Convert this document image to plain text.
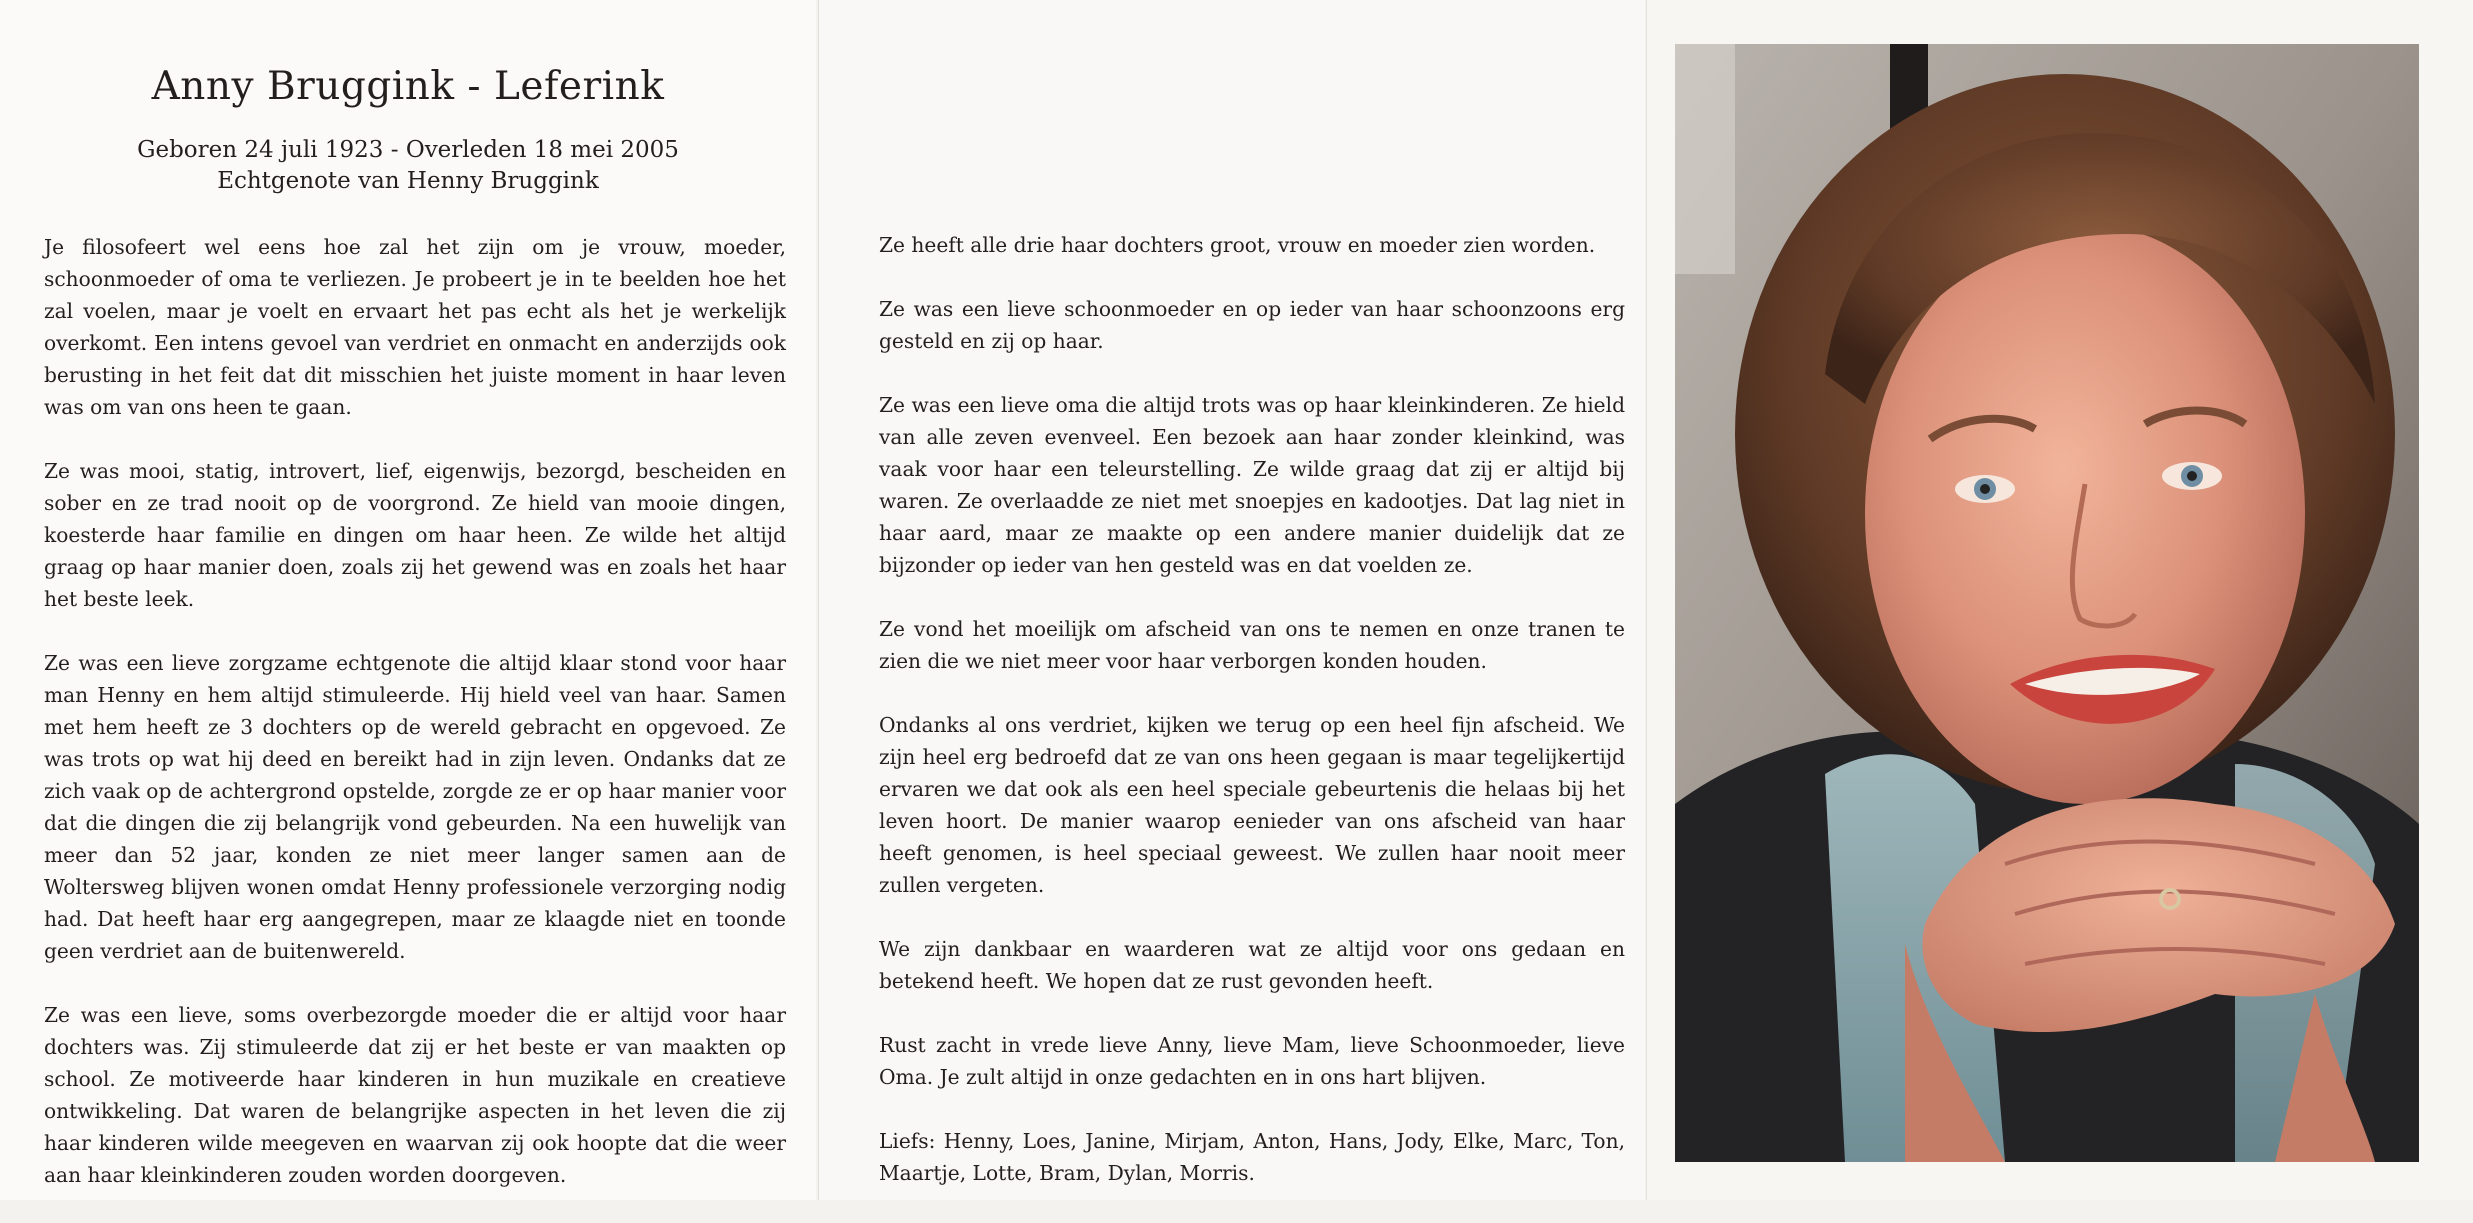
Anny Bruggink - Leferink
Geboren 24 juli 1923 - Overleden 18 mei 2005
Echtgenote van Henny Bruggink

Je filosofeert wel eens hoe zal het zijn om je vrouw, moeder, schoonmoeder of oma te verliezen. Je probeert je in te beelden hoe het zal voelen, maar je voelt en ervaart het pas echt als het je werkelijk overkomt. Een intens gevoel van verdriet en onmacht en anderzijds ook berusting in het feit dat dit misschien het juiste moment in haar leven was om van ons heen te gaan.

Ze was mooi, statig, introvert, lief, eigenwijs, bezorgd, bescheiden en sober en ze trad nooit op de voorgrond. Ze hield van mooie dingen, koesterde haar familie en dingen om haar heen. Ze wilde het altijd graag op haar manier doen, zoals zij het gewend was en zoals het haar het beste leek.

Ze was een lieve zorgzame echtgenote die altijd klaar stond voor haar man Henny en hem altijd stimuleerde. Hij hield veel van haar. Samen met hem heeft ze 3 dochters op de wereld gebracht en opgevoed. Ze was trots op wat hij deed en bereikt had in zijn leven. Ondanks dat ze zich vaak op de achtergrond opstelde, zorgde ze er op haar manier voor dat die dingen die zij belangrijk vond gebeurden. Na een huwelijk van meer dan 52 jaar, konden ze niet meer langer samen aan de Woltersweg blijven wonen omdat Henny professionele verzorging nodig had. Dat heeft haar erg aangegrepen, maar ze klaagde niet en toonde geen verdriet aan de buitenwereld.

Ze was een lieve, soms overbezorgde moeder die er altijd voor haar dochters was. Zij stimuleerde dat zij er het beste er van maakten op school. Ze motiveerde haar kinderen in hun muzikale en creatieve ontwikkeling. Dat waren de belangrijke aspecten in het leven die zij haar kinderen wilde meegeven en waarvan zij ook hoopte dat die weer aan haar kleinkinderen zouden worden doorgeven.

Ze heeft alle drie haar dochters groot, vrouw en moeder zien worden.

Ze was een lieve schoonmoeder en op ieder van haar schoonzoons erg gesteld en zij op haar.

Ze was een lieve oma die altijd trots was op haar kleinkinderen. Ze hield van alle zeven evenveel. Een bezoek aan haar zonder kleinkind, was vaak voor haar een teleurstelling. Ze wilde graag dat zij er altijd bij waren. Ze overlaadde ze niet met snoepjes en kadootjes. Dat lag niet in haar aard, maar ze maakte op een andere manier duidelijk dat ze bijzonder op ieder van hen gesteld was en dat voelden ze.

Ze vond het moeilijk om afscheid van ons te nemen en onze tranen te zien die we niet meer voor haar verborgen konden houden.

Ondanks al ons verdriet, kijken we terug op een heel fijn afscheid. We zijn heel erg bedroefd dat ze van ons heen gegaan is maar tegelijkertijd ervaren we dat ook als een heel speciale gebeurtenis die helaas bij het leven hoort. De manier waarop eenieder van ons afscheid van haar heeft genomen, is heel speciaal geweest. We zullen haar nooit meer zullen vergeten.

We zijn dankbaar en waarderen wat ze altijd voor ons gedaan en betekend heeft. We hopen dat ze rust gevonden heeft.

Rust zacht in vrede lieve Anny, lieve Mam, lieve Schoonmoeder, lieve Oma. Je zult altijd in onze gedachten en in ons hart blijven.

Liefs: Henny, Loes, Janine, Mirjam, Anton, Hans, Jody, Elke, Marc, Ton, Maartje, Lotte, Bram, Dylan, Morris.
